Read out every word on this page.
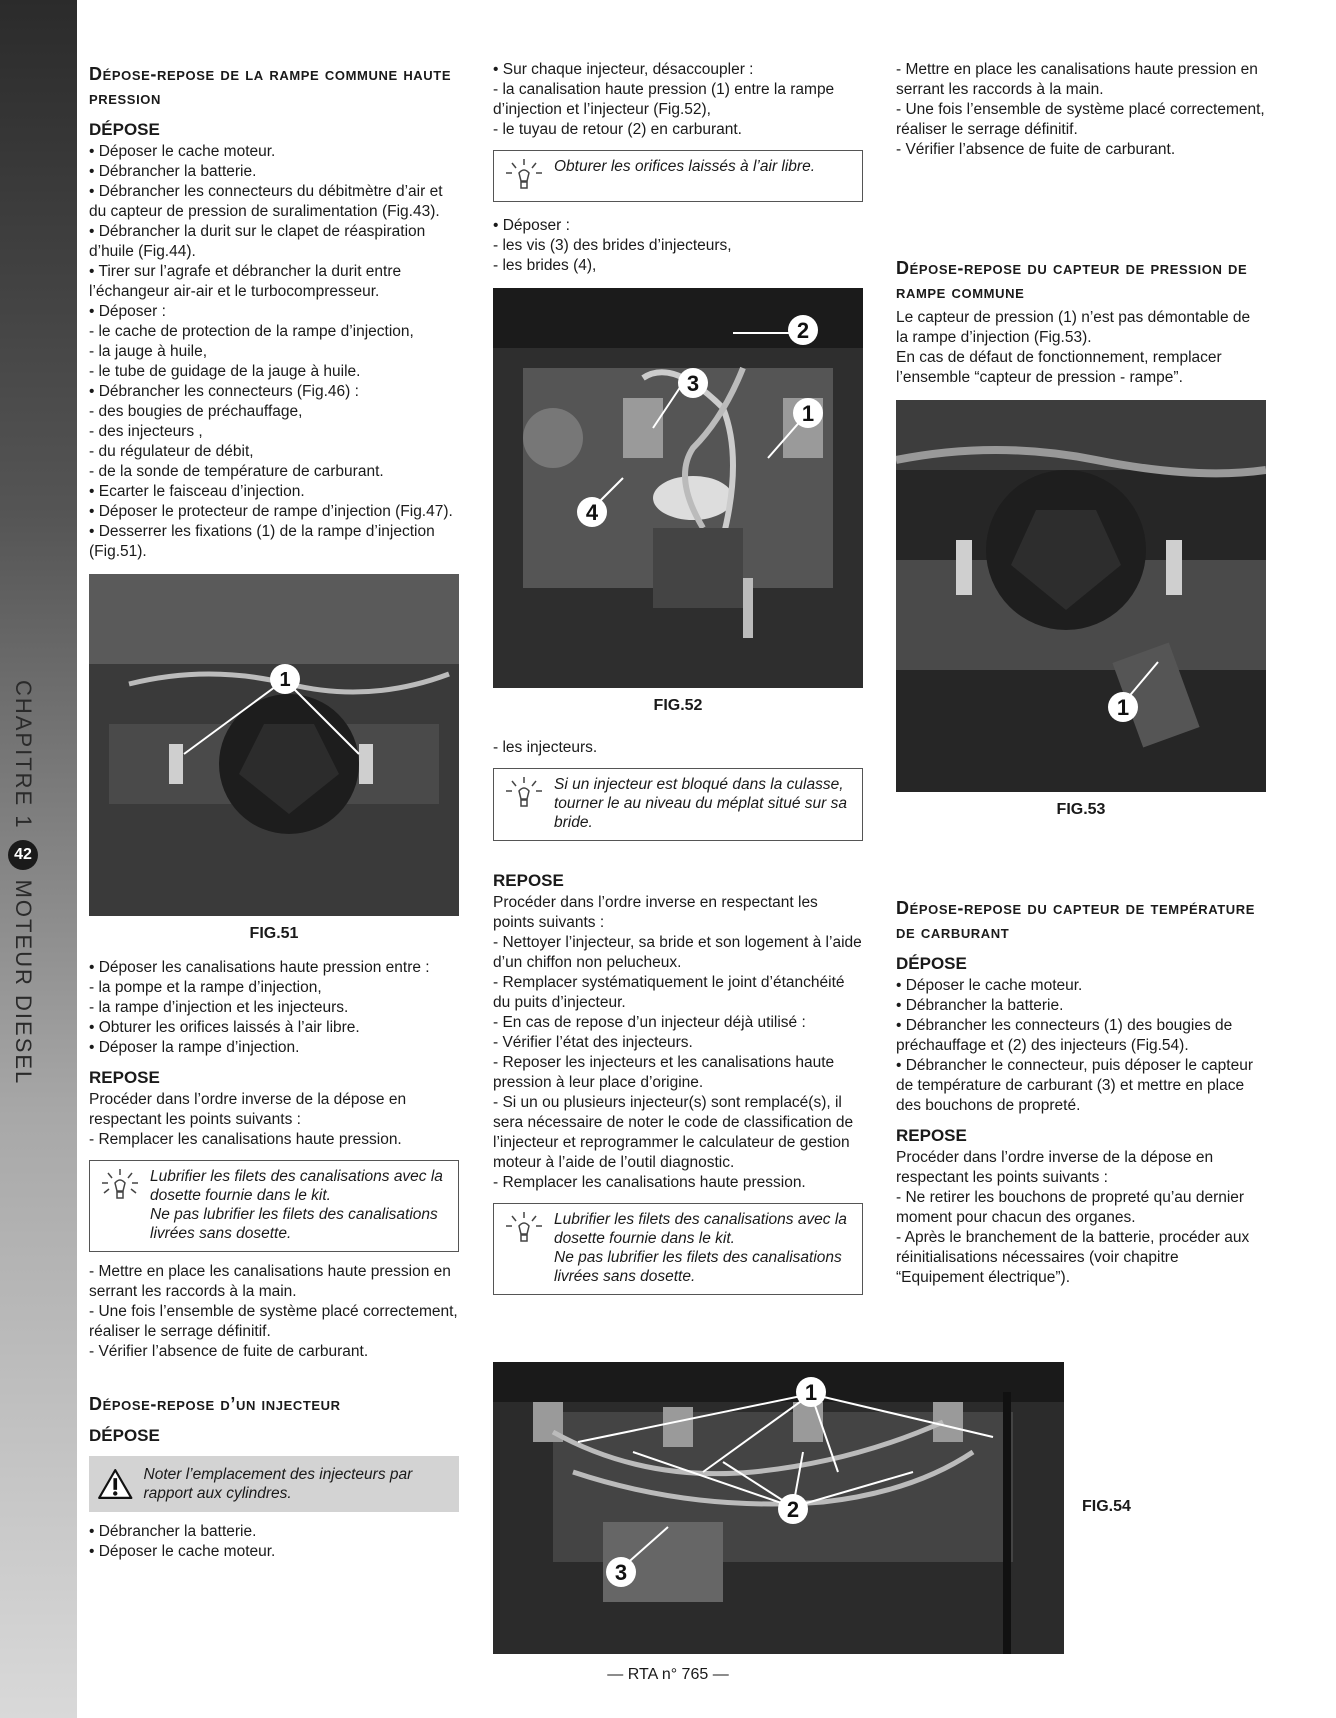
CHAPITRE 1
42
MOTEUR DIESEL
Dépose-repose de la rampe commune haute pression
DÉPOSE

• Déposer le cache moteur.
• Débrancher la batterie.
• Débrancher les connecteurs du débitmètre d’air et du capteur de pression de suralimentation (Fig.43).
• Débrancher la durit sur le clapet de réaspiration d’huile (Fig.44).
• Tirer sur l’agrafe et débrancher la durit entre l’échangeur air-air et le turbocompresseur.
• Déposer :
- le cache de protection de la rampe d’injection,
- la jauge à huile,
- le tube de guidage de la jauge à huile.
• Débrancher les connecteurs (Fig.46) :
- des bougies de préchauffage,
- des injecteurs ,
- du régulateur de débit,
- de la sonde de température de carburant.
• Ecarter le faisceau d’injection.
• Déposer le protecteur de rampe d’injection (Fig.47).
• Desserrer les fixations (1) de la rampe d’injection (Fig.51).

1
FIG.51

• Déposer les canalisations haute pression entre :
- la pompe et la rampe d’injection,
- la rampe d’injection et les injecteurs.
• Obturer les orifices laissés à l’air libre.
• Déposer la rampe d’injection.

REPOSE

Procéder dans l’ordre inverse de la dépose en respectant les points suivants :
- Remplacer les canalisations haute pression.

Lubrifier les filets des canalisations avec la dosette fournie dans le kit.
Ne pas lubrifier les filets des canalisations livrées sans dosette.

- Mettre en place les canalisations haute pression en serrant les raccords à la main.
- Une fois l’ensemble de système placé correctement, réaliser le serrage définitif.
- Vérifier l’absence de fuite de carburant.

Dépose-repose d’un injecteur
DÉPOSE
Noter l’emplacement des injecteurs par rapport aux cylindres.

• Débrancher la batterie.
• Déposer le cache moteur.

• Sur chaque injecteur, désaccoupler :
- la canalisation haute pression (1) entre la rampe d’injection et l’injecteur (Fig.52),
- le tuyau de retour (2) en carburant.

Obturer les orifices laissés à l’air libre.

• Déposer :
- les vis (3) des brides d’injecteurs,
- les brides (4),

2
3
1
4
FIG.52

- les injecteurs.

Si un injecteur est bloqué dans la culasse, tourner le au niveau du méplat situé sur sa bride.
REPOSE

Procéder dans l’ordre inverse en respectant les points suivants :
- Nettoyer l’injecteur, sa bride et son logement à l’aide d’un chiffon non pelucheux.
- Remplacer systématiquement le joint d’étanchéité du puits d’injecteur.
- En cas de repose d’un injecteur déjà utilisé :
- Vérifier l’état des injecteurs.
- Reposer les injecteurs et les canalisations haute pression à leur place d’origine.
- Si un ou plusieurs injecteur(s) sont remplacé(s), il sera nécessaire de noter le code de classification de l’injecteur et reprogrammer le calculateur de gestion moteur à l’aide de l’outil diagnostic.
- Remplacer les canalisations haute pression.

Lubrifier les filets des canalisations avec la dosette fournie dans le kit.
Ne pas lubrifier les filets des canalisations livrées sans dosette.

- Mettre en place les canalisations haute pression en serrant les raccords à la main.
- Une fois l’ensemble de système placé correctement, réaliser le serrage définitif.
- Vérifier l’absence de fuite de carburant.

Dépose-repose du capteur de pression de rampe commune

Le capteur de pression (1) n’est pas démontable de la rampe d’injection (Fig.53).
En cas de défaut de fonctionnement, remplacer l’ensemble “capteur de pression - rampe”.

1
FIG.53
Dépose-repose du capteur de température de carburant
DÉPOSE

• Déposer le cache moteur.
• Débrancher la batterie.
• Débrancher les connecteurs (1) des bougies de préchauffage et (2) des injecteurs (Fig.54).
• Débrancher le connecteur, puis déposer le capteur de température de carburant (3) et mettre en place des bouchons de propreté.

REPOSE

Procéder dans l’ordre inverse de la dépose en respectant les points suivants :
- Ne retirer les bouchons de propreté qu’au dernier moment pour chacun des organes.
- Après le branchement de la batterie, procéder aux réinitialisations nécessaires (voir chapitre “Equipement électrique”).

1
2
3
FIG.54
— RTA n° 765 —
